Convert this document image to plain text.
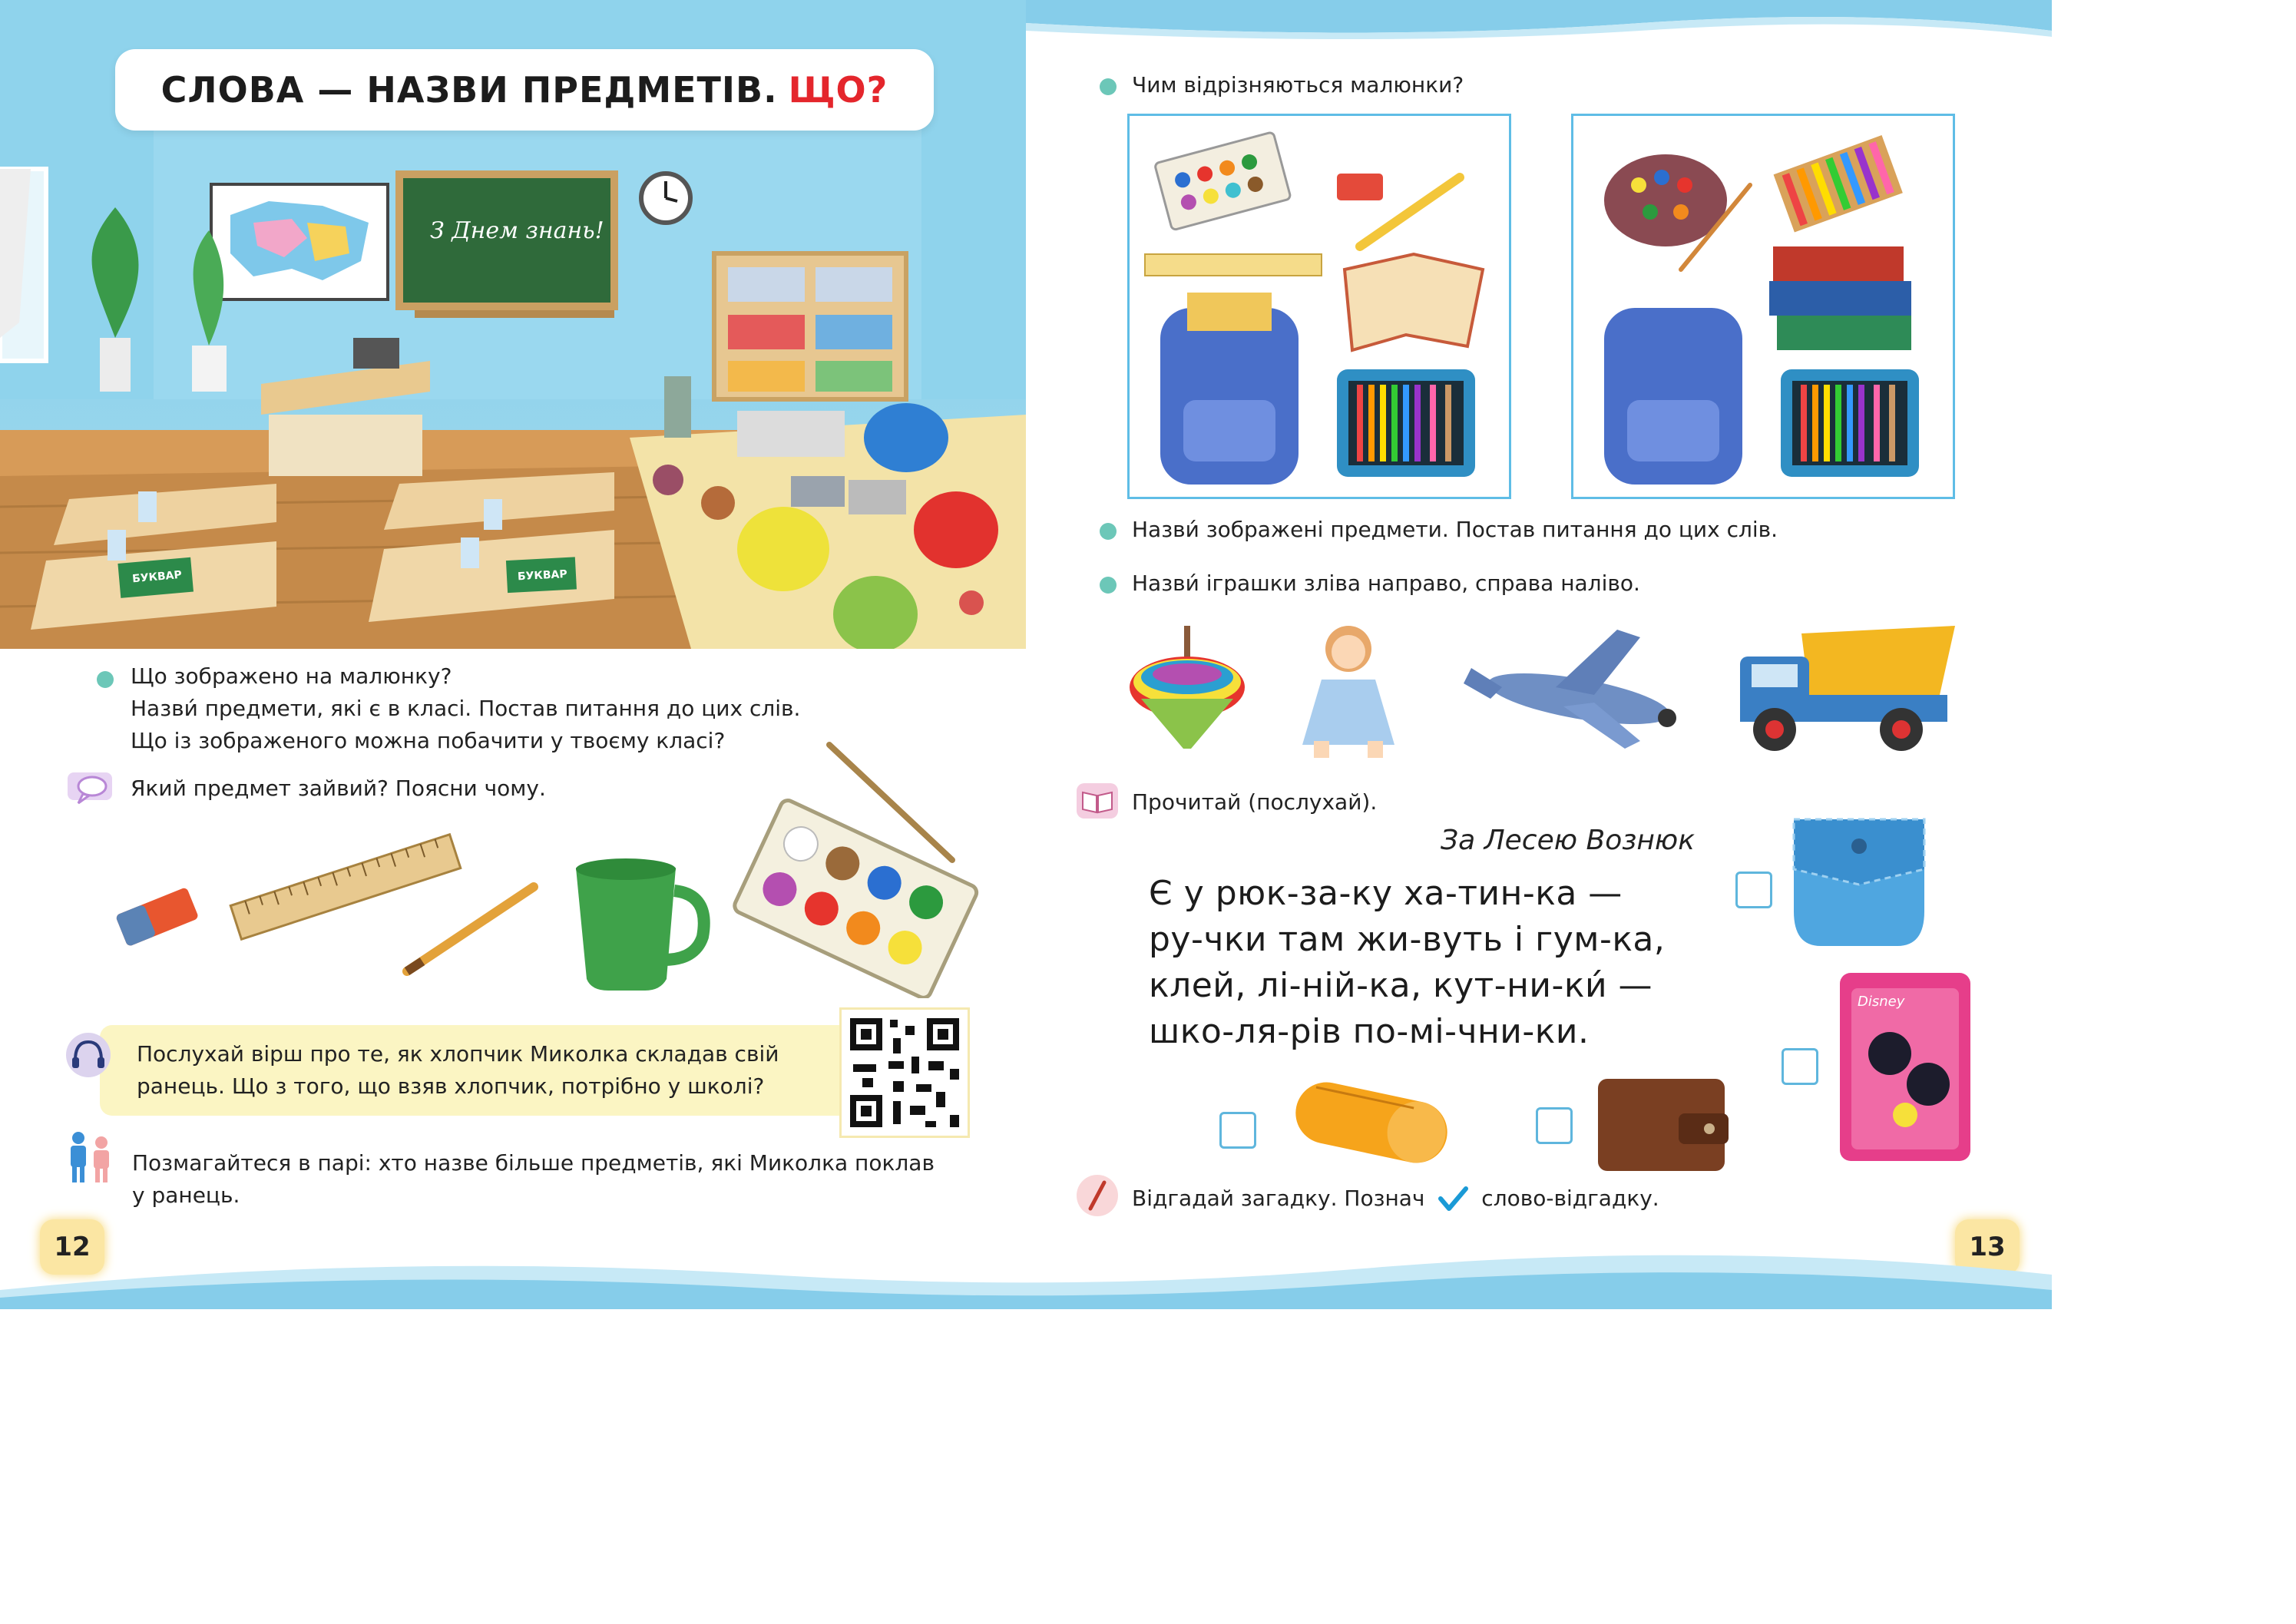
З Днем знань!
БУКВАР	БУКВАР
СЛОВА — НАЗВИ ПРЕДМЕТІВ. ЩО?
Що зображено на малюнку?
Назви́ предмети, які є в класі. Постав питання до цих слів.
Що із зображеного можна побачити у твоєму класі?
Який предмет зайвий? Поясни чому.
Послухай вірш про те, як хлопчик Миколка складав свій
ранець. Що з того, що взяв хлопчик, потрібно у школі?
Позмагайтеся в парі: хто назве більше предметів, які Миколка поклав
у ранець.
12
Чим відрізняються малюнки?
Назви́ зображені предмети. Постав питання до цих слів.
Назви́ іграшки зліва направо, справа наліво.
Прочитай (послухай).
За Лесею Вознюк
Є у рюк-за-ку ха-тин-ка —
ру-чки там жи-вуть і гум-ка,
клей, лі-ній-ка, кут-ни-ки́ —
шко-ля-рів по-мі-чни-ки.
Disney
Відгадай загадку. Познач	слово-відгадку.
13
